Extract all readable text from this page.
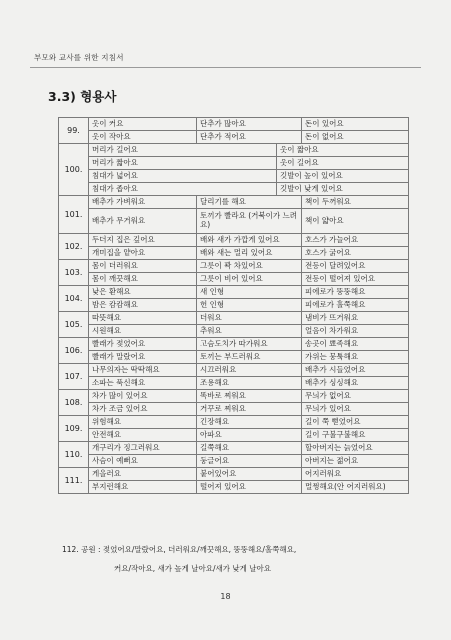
부모와 교사를 위한 지침서
3.3) 형용사
99.	옷이 커요	단추가 많아요		돈이 있어요
	옷이 작아요	단추가 적어요		돈이 없어요
100.	머리가 길어요		옷이 짧아요	
	머리가 짧아요		옷이 길어요	
	침대가 넓어요		깃발이 높이 있어요	
	침대가 좁아요		깃발이 낮게 있어요	
101.	배추가 가벼워요	달리기를 해요		책이 두꺼워요
	배추가 무거워요	토끼가 빨라요 (거북이가 느려요)		책이 얇아요
102.	두더지 집은 깊어요	배와 새가 가깝게 있어요		호스가 가늘어요
	개미집을 얕아요	배와 새는 멀리 있어요		호스가 굵어요
103.	몸이 더러워요	그릇이 꽉 차있어요		전등이 달려있어요
	몸이 깨끗해요	그릇이 비어 있어요		전등이 떨어져 있어요
104.	낮은 환해요	새 인형		피에로가 뚱뚱해요
	밤은 캄캄해요	헌 인형		피에로가 홀쭉해요
105.	따뜻해요	더워요		냄비가 뜨거워요
	시원해요	추워요		얼음이 차가워요
106.	빨래가 젖었어요	고슴도치가 따가워요		송곳이 뾰족해요
	빨래가 말랐어요	토끼는 부드러워요		가위는 뭉툭해요
107.	나무의자는 딱딱해요	시끄러워요		배추가 시들었어요
	소파는 푹신해요	조용해요		배추가 싱싱해요
108.	차가 많이 있어요	똑바로 찌워요		무늬가 없어요
	차가 조금 있어요	거꾸로 찌워요		무늬가 있어요
109.	위험해요	긴장해요		길이 쭉 뻗었어요
	안전해요	아파요		길이 구불구불해요
110.	개구리가 징그러워요	길쭉해요		할아버지는 늙었어요
	사슴이 예뻐요	둥글어요		아버지는 젊어요
111.	게을러요	붙어있어요		어지러워요
	부지런해요	떨어져 있어요		멀쩡해요(안 어지러워요)
112. 공원 : 젖었어요/말랐어요, 더러워요/깨끗해요, 뚱뚱해요/홀쭉해요,
커요/작아요, 새가 높게 날아요/새가 낮게 날아요
18
